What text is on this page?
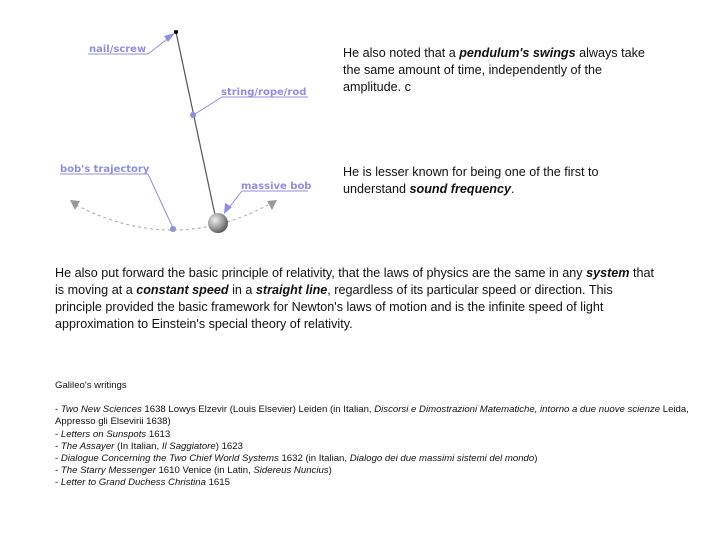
nail/screw
string/rope/rod
bob's trajectory
massive bob
He also noted that a pendulum's swings always take the same amount of time, independently of the amplitude. c
He is lesser known for being one of the first to understand sound frequency.
He also put forward the basic principle of relativity, that the laws of physics are the same in any system that is moving at a constant speed in a straight line, regardless of its particular speed or direction. This principle provided the basic framework for Newton's laws of motion and is the infinite speed of light approximation to Einstein's special theory of relativity.
Galileo's writings
- Two New Sciences 1638 Lowys Elzevir (Louis Elsevier) Leiden (in Italian, Discorsi e Dimostrazioni Matematiche, intorno a due nuove scienze Leida, Appresso gli Elsevirii 1638)
- Letters on Sunspots 1613
- The Assayer (In Italian, Il Saggiatore) 1623
- Dialogue Concerning the Two Chief World Systems 1632 (in Italian, Dialogo dei due massimi sistemi del mondo)
- The Starry Messenger 1610 Venice (in Latin, Sidereus Nuncius)
- Letter to Grand Duchess Christina 1615
